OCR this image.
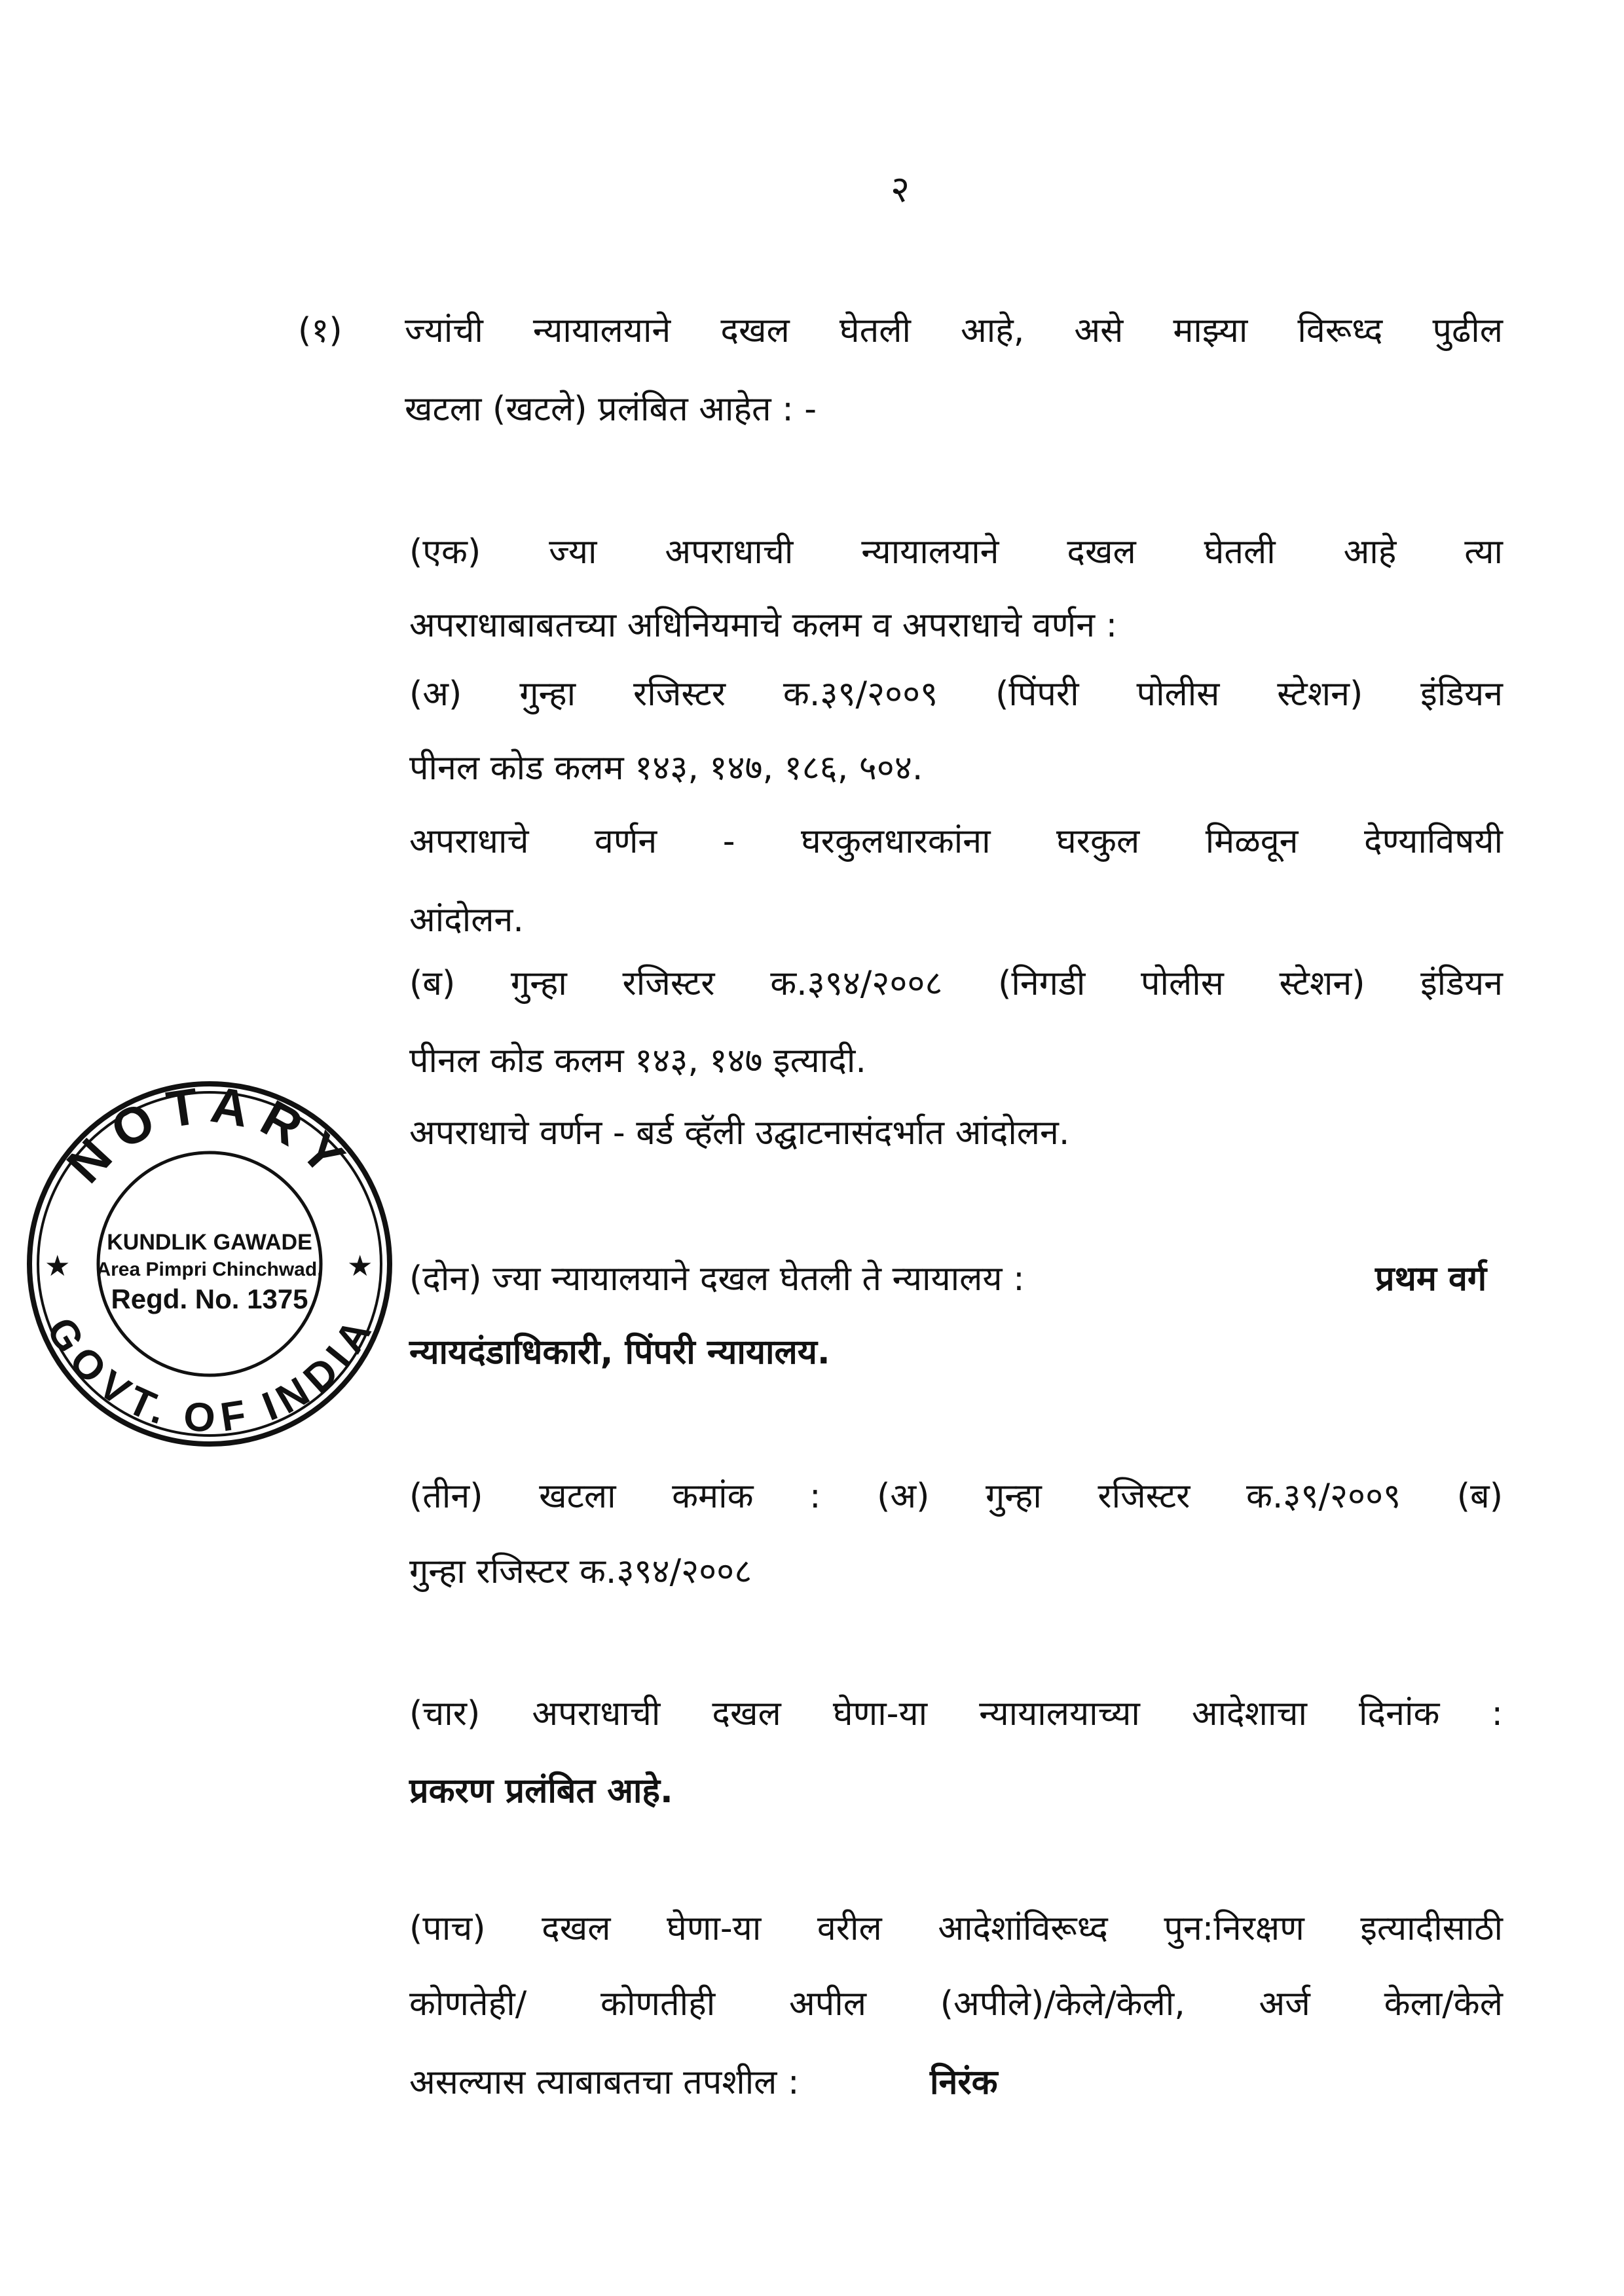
२
(१) ज्यांची न्यायालयाने दखल घेतली आहे, असे माझ्या विरूध्द पुढील
खटला (खटले) प्रलंबित आहेत : -
(एक) ज्या अपराधाची न्यायालयाने दखल घेतली आहे त्या
अपराधाबाबतच्या अधिनियमाचे कलम व अपराधाचे वर्णन :
(अ) गुन्हा रजिस्टर क.३९/२००९ (पिंपरी पोलीस स्टेशन) इंडियन
पीनल कोड कलम १४३, १४७, १८६, ५०४.
अपराधाचे वर्णन - घरकुलधारकांना घरकुल मिळवून देण्याविषयी
आंदोलन.
(ब) गुन्हा रजिस्टर क.३९४/२००८ (निगडी पोलीस स्टेशन) इंडियन
पीनल कोड कलम १४३, १४७ इत्यादी.
अपराधाचे वर्णन - बर्ड व्हॅली उद्घाटनासंदर्भात आंदोलन.
(दोन) ज्या न्यायालयाने दखल घेतली ते न्यायालय :	प्रथम वर्ग
न्यायदंडाधिकारी, पिंपरी न्यायालय.
(तीन) खटला कमांक : (अ) गुन्हा रजिस्टर क.३९/२००९ (ब)
गुन्हा रजिस्टर क.३९४/२००८
(चार) अपराधाची दखल घेणा-या न्यायालयाच्या आदेशाचा दिनांक :
प्रकरण प्रलंबित आहे.
(पाच) दखल घेणा-या वरील आदेशांविरूध्द पुन:निरक्षण इत्यादीसाठी
कोणतेही/ कोणतीही अपील (अपीले)/केले/केली, अर्ज केला/केले
असल्यास त्याबाबतचा तपशील :	निरंक
NOTARY
GOVT. OF INDIA
★	★
KUNDLIK GAWADE
Area Pimpri Chinchwad,
Regd. No. 1375
